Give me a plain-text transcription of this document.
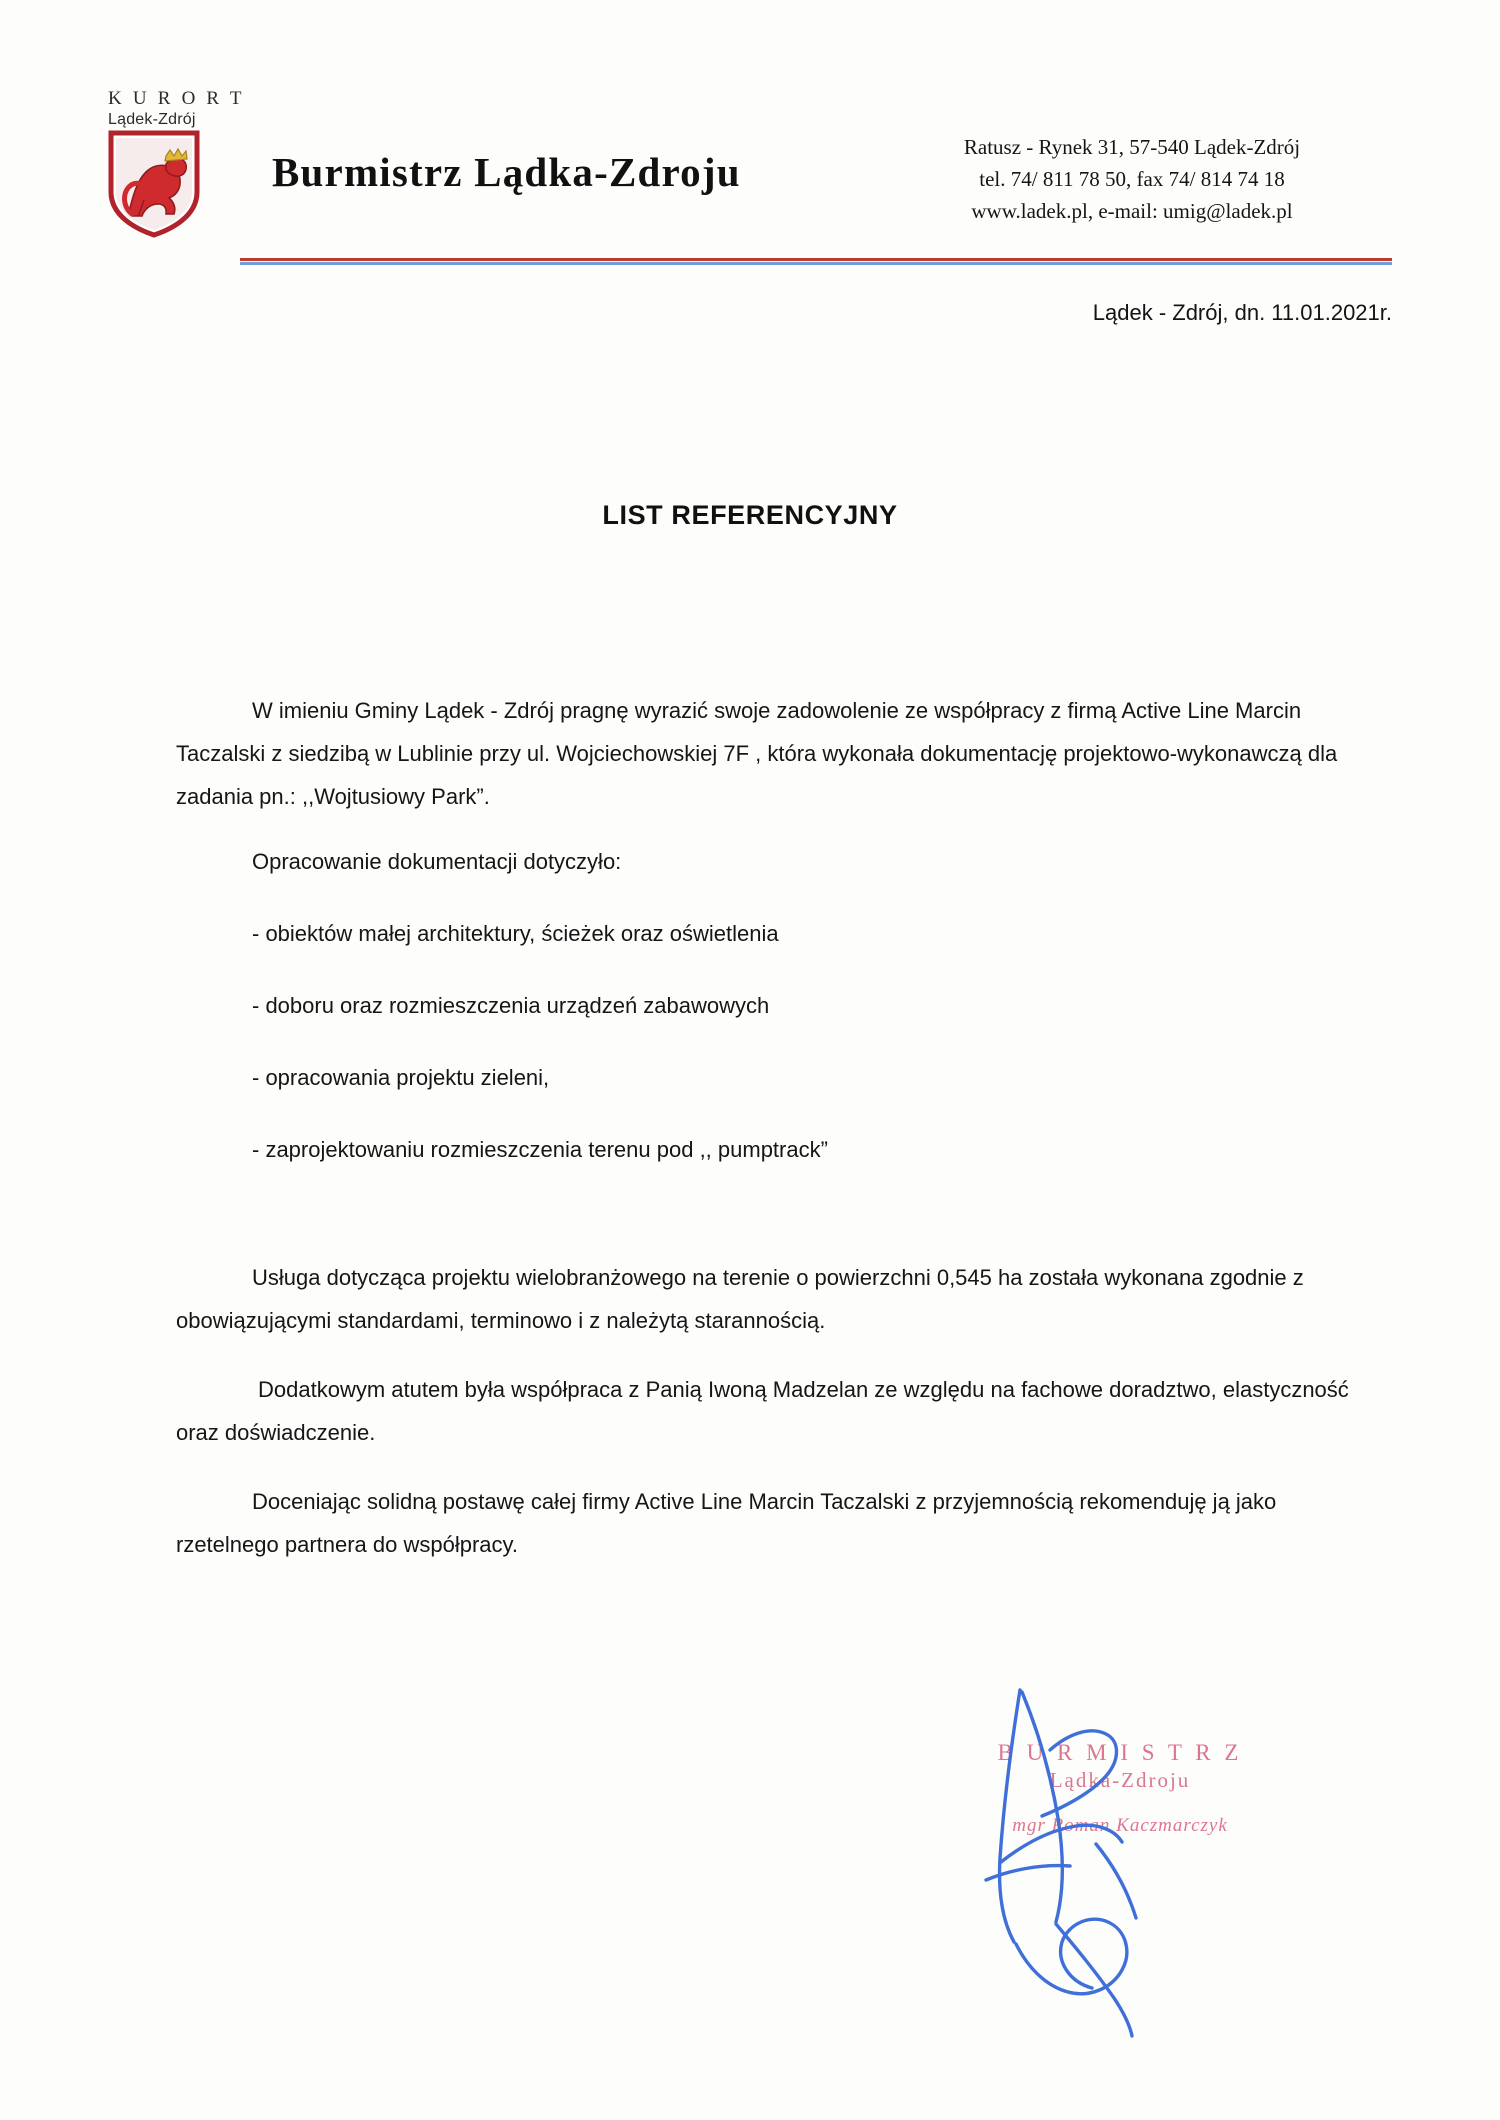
K U R O R T
Lądek-Zdrój
Burmistrz Lądka-Zdroju
Ratusz - Rynek 31, 57-540 Lądek-Zdrój
tel. 74/ 811 78 50, fax 74/ 814 74 18
www.ladek.pl, e-mail: umig@ladek.pl
Lądek - Zdrój, dn. 11.01.2021r.
LIST REFERENCYJNY

W imieniu Gminy Lądek - Zdrój pragnę wyrazić swoje zadowolenie ze współpracy z firmą Active Line Marcin Taczalski z siedzibą w Lublinie przy ul. Wojciechowskiej 7F , która wykonała dokumentację projektowo-wykonawczą dla zadania pn.: ,,Wojtusiowy Park”.

Opracowanie dokumentacji dotyczyło:
- obiektów małej architektury, ścieżek oraz oświetlenia
- doboru oraz rozmieszczenia urządzeń zabawowych
- opracowania projektu zieleni,
- zaprojektowaniu rozmieszczenia terenu pod ,, pumptrack”

Usługa dotycząca projektu wielobranżowego na terenie o powierzchni 0,545 ha została wykonana zgodnie z obowiązującymi standardami, terminowo i z należytą starannością.

Dodatkowym atutem była współpraca z Panią Iwoną Madzelan ze względu na fachowe doradztwo, elastyczność oraz doświadczenie.

Doceniając solidną postawę całej firmy Active Line Marcin Taczalski z przyjemnością rekomenduję ją jako rzetelnego partnera do współpracy.

B U R M I S T R Z
Lądka-Zdroju
mgr Roman Kaczmarczyk
